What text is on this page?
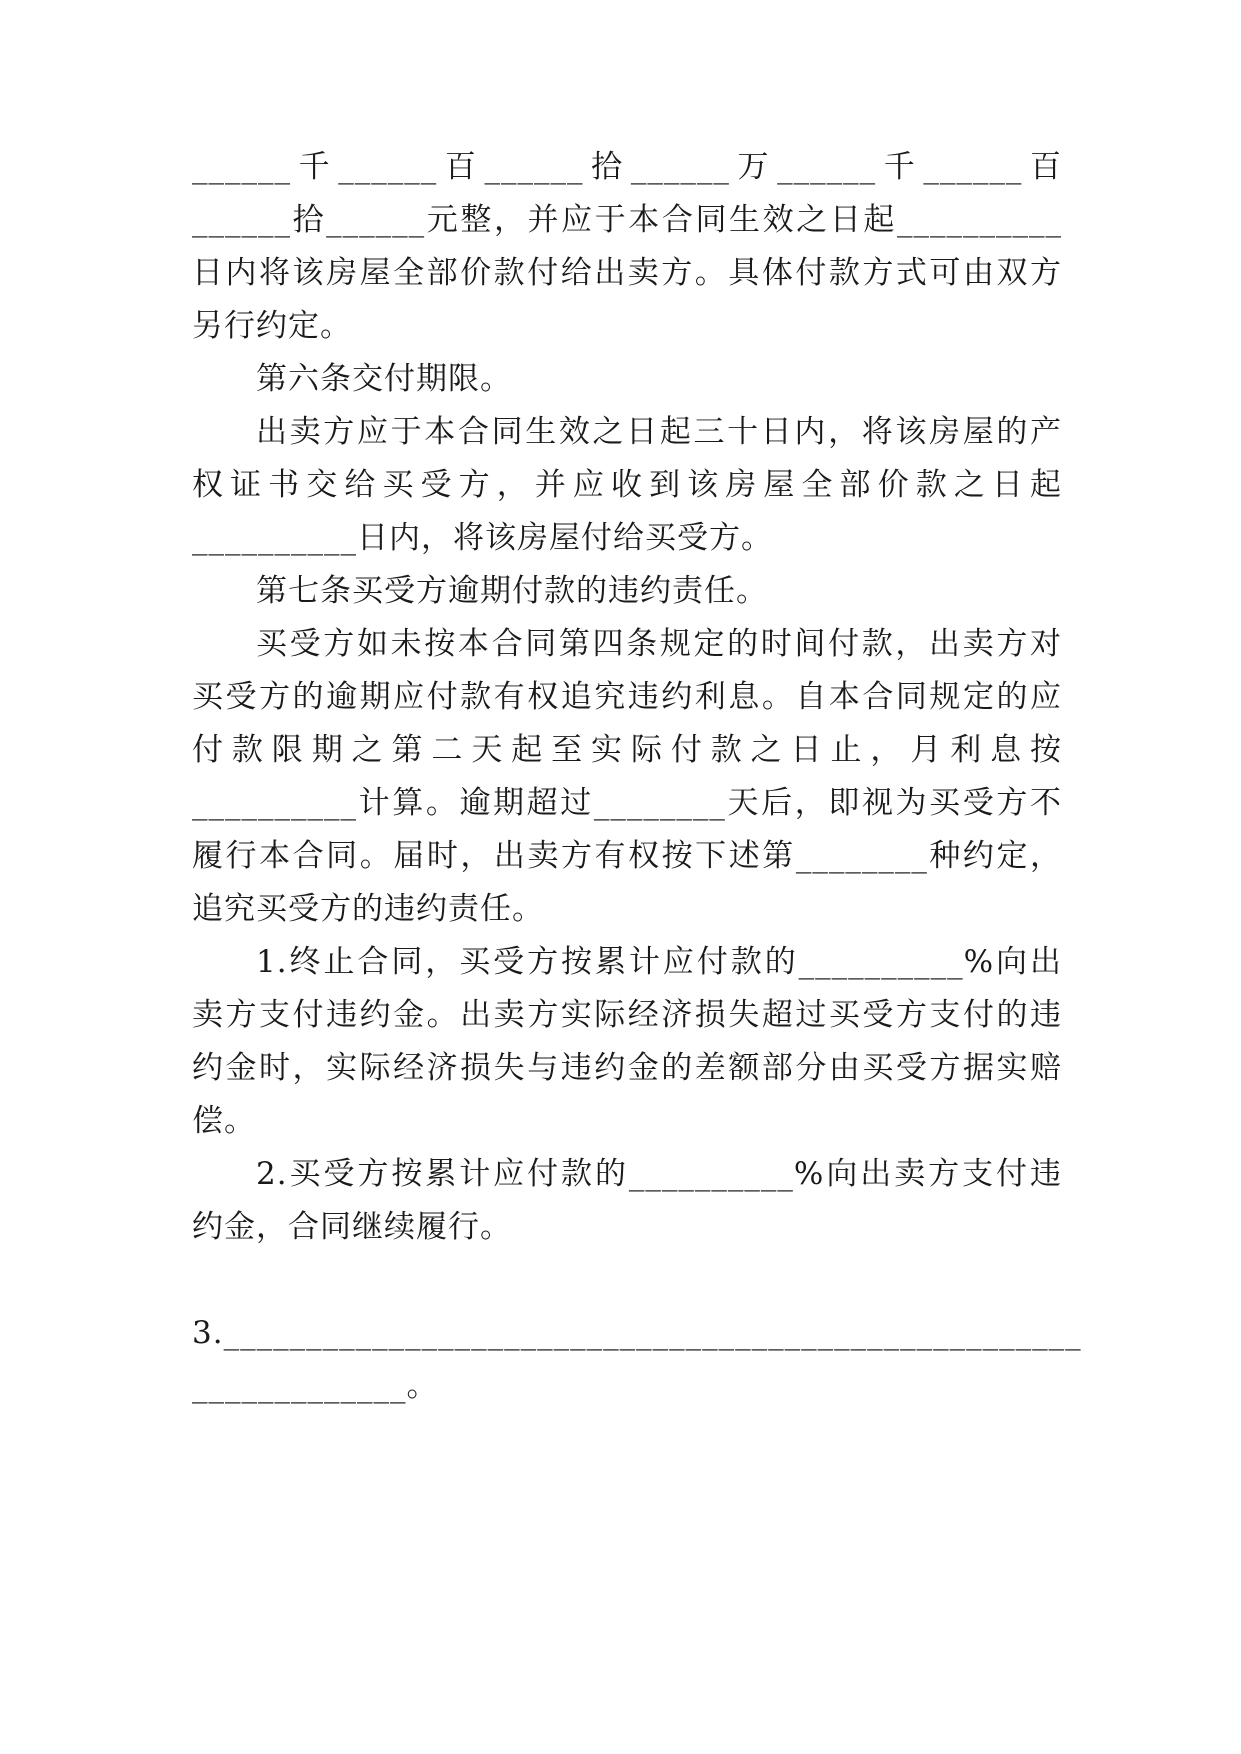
______千______百______拾______万______千______百
______拾______元整，并应于本合同生效之日起__________
日内将该房屋全部价款付给出卖方。具体付款方式可由双方
另行约定。
第六条交付期限。
出卖方应于本合同生效之日起三十日内，将该房屋的产
权证书交给买受方，并应收到该房屋全部价款之日起
__________日内，将该房屋付给买受方。
第七条买受方逾期付款的违约责任。
买受方如未按本合同第四条规定的时间付款，出卖方对
买受方的逾期应付款有权追究违约利息。自本合同规定的应
付款限期之第二天起至实际付款之日止，月利息按
__________计算。逾期超过________天后，即视为买受方不
履行本合同。届时，出卖方有权按下述第________种约定，
追究买受方的违约责任。
1.终止合同，买受方按累计应付款的__________%向出
卖方支付违约金。出卖方实际经济损失超过买受方支付的违
约金时，实际经济损失与违约金的差额部分由买受方据实赔
偿。
2.买受方按累计应付款的__________%向出卖方支付违
约金，合同继续履行。
3.____________________________________________________
_____________。
